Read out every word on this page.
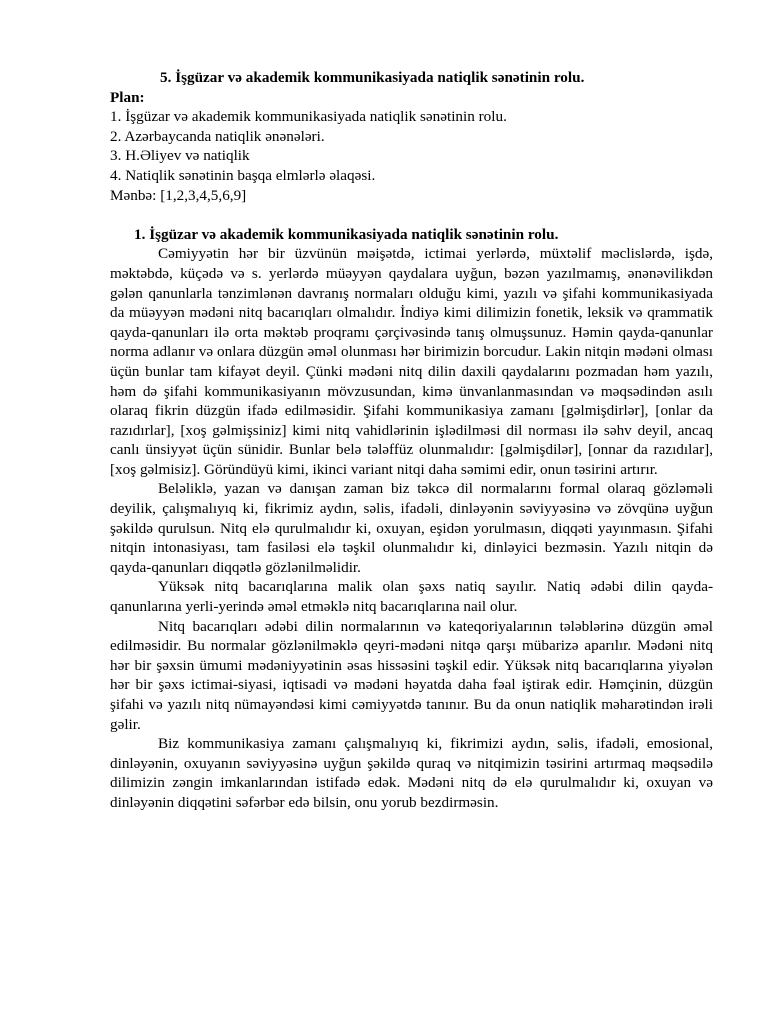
5. İşgüzar və akademik kommunikasiyada natiqlik sənətinin rolu.
Plan:
1. İşgüzar və akademik kommunikasiyada natiqlik sənətinin rolu.
2. Azərbaycanda natiqlik ənənələri.
3. H.Əliyev və natiqlik
4. Natiqlik sənətinin başqa elmlərlə əlaqəsi.
Mənbə: [1,2,3,4,5,6,9]
1. İşgüzar və akademik kommunikasiyada natiqlik sənətinin rolu.

Cəmiyyətin hər bir üzvünün məişətdə, ictimai yerlərdə, müxtəlif məclislərdə, işdə, məktəbdə, küçədə və s. yerlərdə müəyyən qaydalara uyğun, bəzən yazılmamış, ənənəvilikdən gələn qanunlarla tənzimlənən davranış normaları olduğu kimi, yazılı və şifahi kommunikasiyada da müəyyən mədəni nitq bacarıqları olmalıdır. İndiyə kimi dilimizin fonetik, leksik və qrammatik qayda-qanunları ilə orta məktəb proqramı çərçivəsində tanış olmuşsunuz. Həmin qayda-qanunlar norma adlanır və onlara düzgün əməl olunması hər birimizin borcudur. Lakin nitqin mədəni olması üçün bunlar tam kifayət deyil. Çünki mədəni nitq dilin daxili qaydalarını pozmadan həm yazılı, həm də şifahi kommunikasiyanın mövzusundan, kimə ünvanlanmasından və məqsədindən asılı olaraq fikrin düzgün ifadə edilməsidir. Şifahi kommunikasiya zamanı [gəlmişdirlər], [onlar da razıdırlar], [xoş gəlmişsiniz] kimi nitq vahidlərinin işlədilməsi dil norması ilə səhv deyil, ancaq canlı ünsiyyət üçün sünidir. Bunlar belə tələffüz olunmalıdır: [gəlmişdilər], [onnar da razıdılar], [xoş gəlmisiz]. Göründüyü kimi, ikinci variant nitqi daha səmimi edir, onun təsirini artırır.

Beləliklə, yazan və danışan zaman biz təkcə dil normalarını formal olaraq gözləməli deyilik, çalışmalıyıq ki, fikrimiz aydın, səlis, ifadəli, dinləyənin səviyyəsinə və zövqünə uyğun şəkildə qurulsun. Nitq elə qurulmalıdır ki, oxuyan, eşidən yorulmasın, diqqəti yayınmasın. Şifahi nitqin intonasiyası, tam fasiləsi elə təşkil olunmalıdır ki, dinləyici bezməsin. Yazılı nitqin də qayda-qanunları diqqətlə gözlənilməlidir.

Yüksək nitq bacarıqlarına malik olan şəxs natiq sayılır. Natiq ədəbi dilin qayda-qanunlarına yerli-yerində əməl etməklə nitq bacarıqlarına nail olur.

Nitq bacarıqları ədəbi dilin normalarının və kateqoriyalarının tələblərinə düzgün əməl edilməsidir. Bu normalar gözlənilməklə qeyri-mədəni nitqə qarşı mübarizə aparılır. Mədəni nitq hər bir şəxsin ümumi mədəniyyətinin əsas hissəsini təşkil edir. Yüksək nitq bacarıqlarına yiyələn hər bir şəxs ictimai-siyasi, iqtisadi və mədəni həyatda daha fəal iştirak edir. Həmçinin, düzgün şifahi və yazılı nitq nümayəndəsi kimi cəmiyyətdə tanınır. Bu da onun natiqlik məharətindən irəli gəlir.

Biz kommunikasiya zamanı çalışmalıyıq ki, fikrimizi aydın, səlis, ifadəli, emosional, dinləyənin, oxuyanın səviyyəsinə uyğun şəkildə quraq və nitqimizin təsirini artırmaq məqsədilə dilimizin zəngin imkanlarından istifadə edək. Mədəni nitq də elə qurulmalıdır ki, oxuyan və dinləyənin diqqətini səfərbər edə bilsin, onu yorub bezdirməsin.
